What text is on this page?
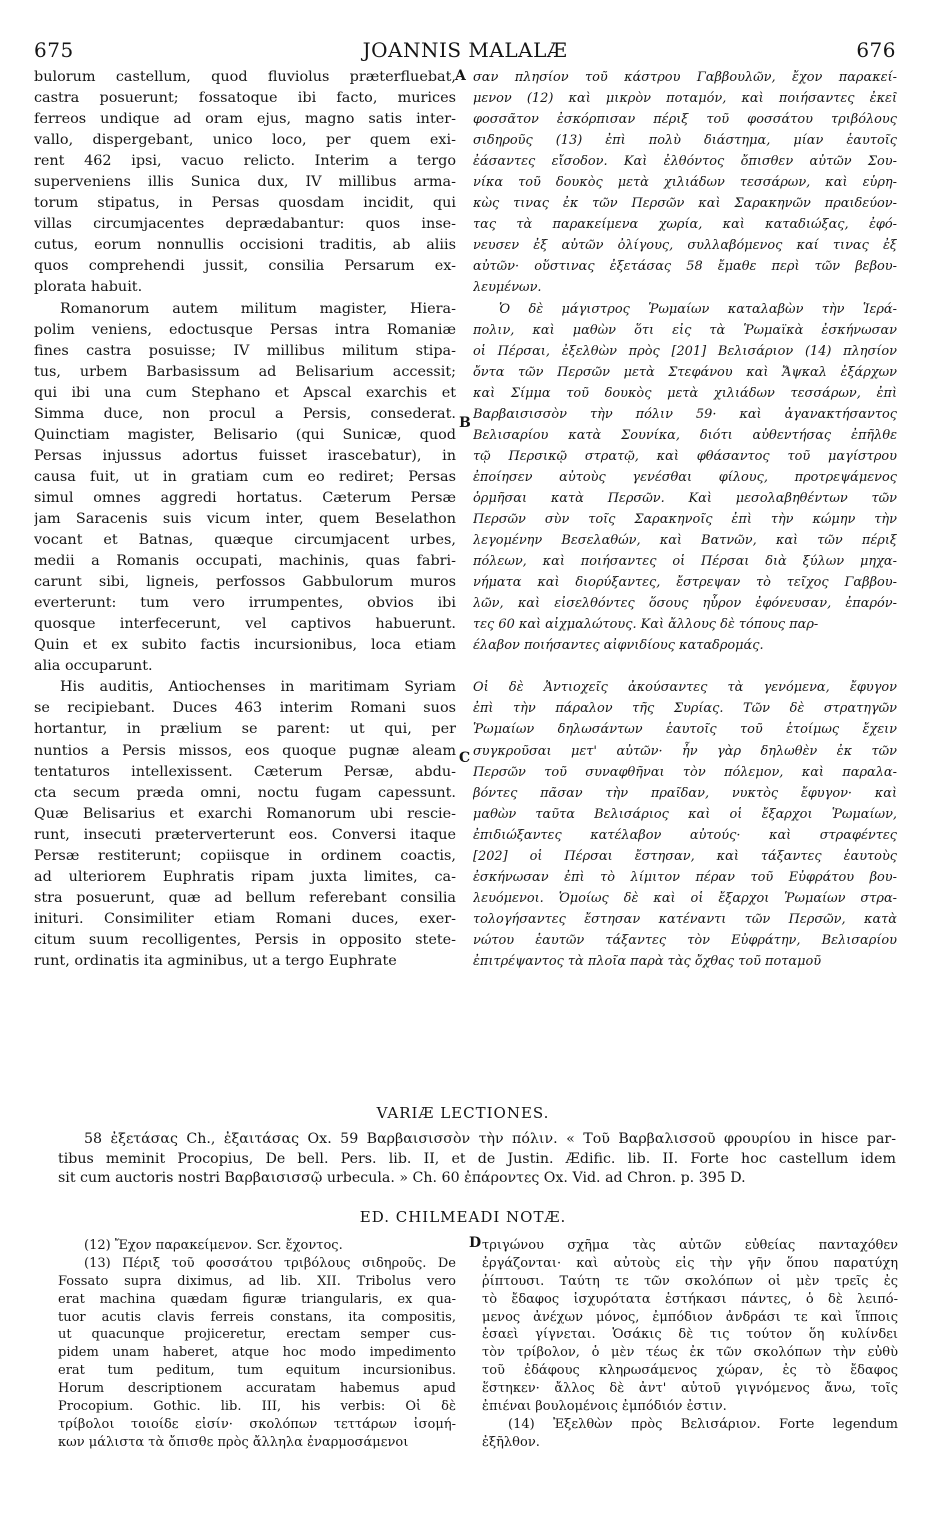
675	JOANNIS MALALÆ	676
bulorum castellum, quod fluviolus præterfluebat,
castra posuerunt; fossatoque ibi facto, murices
ferreos undique ad oram ejus, magno satis inter-
vallo, dispergebant, unico loco, per quem exi-
rent 462 ipsi, vacuo relicto. Interim a tergo
superveniens illis Sunica dux, IV millibus arma-
torum stipatus, in Persas quosdam incidit, qui
villas circumjacentes deprædabantur: quos inse-
cutus, eorum nonnullis occisioni traditis, ab aliis
quos comprehendi jussit, consilia Persarum ex-
plorata habuit.
Romanorum autem militum magister, Hiera-
polim veniens, edoctusque Persas intra Romaniæ
fines castra posuisse; IV millibus militum stipa-
tus, urbem Barbasissum ad Belisarium accessit;
qui ibi una cum Stephano et Apscal exarchis et
Simma duce, non procul a Persis, consederat.
Quinctiam magister, Belisario (qui Sunicæ, quod
Persas injussus adortus fuisset irascebatur), in
causa fuit, ut in gratiam cum eo rediret; Persas
simul omnes aggredi hortatus. Cæterum Persæ
jam Saracenis suis vicum inter, quem Beselathon
vocant et Batnas, quæque circumjacent urbes,
medii a Romanis occupati, machinis, quas fabri-
carunt sibi, ligneis, perfossos Gabbulorum muros
everterunt: tum vero irrumpentes, obvios ibi
quosque interfecerunt, vel captivos habuerunt.
Quin et ex subito factis incursionibus, loca etiam
alia occuparunt.
His auditis, Antiochenses in maritimam Syriam
se recipiebant. Duces 463 interim Romani suos
hortantur, in prælium se parent: ut qui, per
nuntios a Persis missos, eos quoque pugnæ aleam
tentaturos intellexissent. Cæterum Persæ, abdu-
cta secum præda omni, noctu fugam capessunt.
Quæ Belisarius et exarchi Romanorum ubi resciе-
runt, insecuti præterverterunt eos. Conversi itaque
Persæ restiterunt; copiisque in ordinem coactis,
ad ulteriorem Euphratis ripam juxta limites, ca-
stra posuerunt, quæ ad bellum referebant consilia
inituri. Consimiliter etiam Romani duces, exer-
citum suum recolligentes, Persis in opposito stete-
runt, ordinatis ita agminibus, ut a tergo Euphrate
σαν πλησίον τοῦ κάστρου Γαββουλῶν, ἔχον παρακεί-
μενον (12) καὶ μικρὸν ποταμόν, καὶ ποιήσαντες ἐκεῖ
φοσσᾶτον ἐσκόρπισαν πέριξ τοῦ φοσσάτου τριβόλους
σιδηροῦς (13) ἐπὶ πολὺ διάστημα, μίαν ἑαυτοῖς
ἐάσαντες εἴσοδον. Καὶ ἐλθόντος ὄπισθεν αὐτῶν Σου-
νίκα τοῦ δουκὸς μετὰ χιλιάδων τεσσάρων, καὶ εὑρη-
κὼς τινας ἐκ τῶν Περσῶν καὶ Σαρακηνῶν πραιδεύον-
τας τὰ παρακείμενα χωρία, καὶ καταδιώξας, ἐφό-
νευσεν ἐξ αὐτῶν ὀλίγους, συλλαβόμενος καί τινας ἐξ
αὐτῶν· οὕστινας ἐξετάσας 58 ἔμαθε περὶ τῶν βεβου-
λευμένων.
Ὁ δὲ μάγιστρος Ῥωμαίων καταλαβὼν τὴν Ἱερά-
πολιν, καὶ μαθὼν ὅτι εἰς τὰ Ῥωμαϊκὰ ἐσκήνωσαν
οἱ Πέρσαι, ἐξελθὼν πρὸς [201] Βελισάριον (14) πλησίον
ὄντα τῶν Περσῶν μετὰ Στεφάνου καὶ Ἄψκαλ ἐξάρχων
καὶ Σίμμα τοῦ δουκὸς μετὰ χιλιάδων τεσσάρων, ἐπὶ
Βαρβαισισσὸν τὴν πόλιν 59· καὶ ἀγανακτήσαντος
Βελισαρίου κατὰ Σουνίκα, διότι αὐθεντήσας ἐπῆλθε
τῷ Περσικῷ στρατῷ, καὶ φθάσαντος τοῦ μαγίστρου
ἐποίησεν αὐτοὺς γενέσθαι φίλους, προτρεψάμενος
ὁρμῆσαι κατὰ Περσῶν. Καὶ μεσολαβηθέντων τῶν
Περσῶν σὺν τοῖς Σαρακηνοῖς ἐπὶ τὴν κώμην τὴν
λεγομένην Βεσελαθών, καὶ Βατνῶν, καὶ τῶν πέριξ
πόλεων, καὶ ποιήσαντες οἱ Πέρσαι διὰ ξύλων μηχα-
νήματα καὶ διορύξαντες, ἔστρεψαν τὸ τεῖχος Γαββου-
λῶν, καὶ εἰσελθόντες ὅσους ηὗρον ἐφόνευσαν, ἐπαρόν-
τες 60 καὶ αἰχμαλώτους. Καὶ ἄλλους δὲ τόπους παρ-
έλαβον ποιήσαντες αἰφνιδίους καταδρομάς.
Οἱ δὲ Ἀντιοχεῖς ἀκούσαντες τὰ γενόμενα, ἔφυγον
ἐπὶ τὴν πάραλον τῆς Συρίας. Τῶν δὲ στρατηγῶν
Ῥωμαίων δηλωσάντων ἑαυτοῖς τοῦ ἑτοίμως ἔχειν
συγκροῦσαι μετ' αὐτῶν· ἦν γὰρ δηλωθὲν ἐκ τῶν
Περσῶν τοῦ συναφθῆναι τὸν πόλεμον, καὶ παραλα-
βόντες πᾶσαν τὴν πραῖδαν, νυκτὸς ἔφυγον· καὶ
μαθὼν ταῦτα Βελισάριος καὶ οἱ ἔξαρχοι Ῥωμαίων,
ἐπιδιώξαντες κατέλαβον αὐτούς· καὶ στραφέντες
[202] οἱ Πέρσαι ἔστησαν, καὶ τάξαντες ἑαυτοὺς
ἐσκήνωσαν ἐπὶ τὸ λίμιτον πέραν τοῦ Εὐφράτου βου-
λευόμενοι. Ὁμοίως δὲ καὶ οἱ ἔξαρχοι Ῥωμαίων στρα-
τολογήσαντες ἔστησαν κατέναντι τῶν Περσῶν, κατὰ
νώτου ἑαυτῶν τάξαντες τὸν Εὐφράτην, Βελισαρίου
ἐπιτρέψαντος τὰ πλοῖα παρὰ τὰς ὄχθας τοῦ ποταμοῦ
A
B
C
D
VARIÆ LECTIONES.
58 ἐξετάσας Ch., ἐξαιτάσας Ox. 59 Βαρβαισισσὸν τὴν πόλιν. « Τοῦ Βαρβαλισσοῦ φρουρίου in hisce par-
tibus meminit Procopius, De bell. Pers. lib. II, et de Justin. Ædific. lib. II. Forte hoc castellum idem
sit cum auctoris nostri Βαρβαισισσῷ urbecula. » Ch. 60 ἐπάροντες Ox. Vid. ad Chron. p. 395 D.
ED. CHILMEADI NOTÆ.
(12) Ἔχον παρακείμενον. Scr. ἔχοντος.
(13) Πέριξ τοῦ φοσσάτου τριβόλους σιδηροῦς. De
Fossato supra diximus, ad lib. XII. Tribolus vero
erat machina quædam figuræ triangularis, ex qua-
tuor acutis clavis ferreis constans, ita compositis,
ut quacunque projiceretur, erectam semper cus-
pidem unam haberet, atque hoc modo impedimento
erat tum peditum, tum equitum incursionibus.
Horum descriptionem accuratam habemus apud
Procopium. Gothic. lib. III, his verbis: Οἱ δὲ
τρίβολοι τοιοίδε εἰσίν· σκολόπων τεττάρων ἰσομή-
κων μάλιστα τὰ ὄπισθε πρὸς ἄλληλα ἐναρμοσάμενοι
τριγώνου σχῆμα τὰς αὐτῶν εὐθείας πανταχόθεν
ἐργάζονται· καὶ αὐτοὺς εἰς τὴν γῆν ὅπου παρατύχη
ῥίπτουσι. Ταύτη τε τῶν σκολόπων οἱ μὲν τρεῖς ἐς
τὸ ἔδαφος ἰσχυρότατα ἑστήκασι πάντες, ὁ δὲ λειπό-
μενος ἀνέχων μόνος, ἐμπόδιον ἀνδράσι τε καὶ ἵπποις
ἐσαεὶ γίγνεται. Ὁσάκις δὲ τις τούτον ὅη κυλίνδει
τὸν τρίβολον, ὁ μὲν τέως ἐκ τῶν σκολόπων τὴν εὐθὺ
τοῦ ἐδάφους κληρωσάμενος χώραν, ἐς τὸ ἔδαφος
ἕστηκεν· ἄλλος δὲ ἀντ' αὐτοῦ γιγνόμενος ἄνω, τοῖς
ἐπιέναι βουλομένοις ἐμπόδιόν ἐστιν.
(14) Ἐξελθὼν πρὸς Βελισάριον. Forte legendum
ἐξῆλθον.
